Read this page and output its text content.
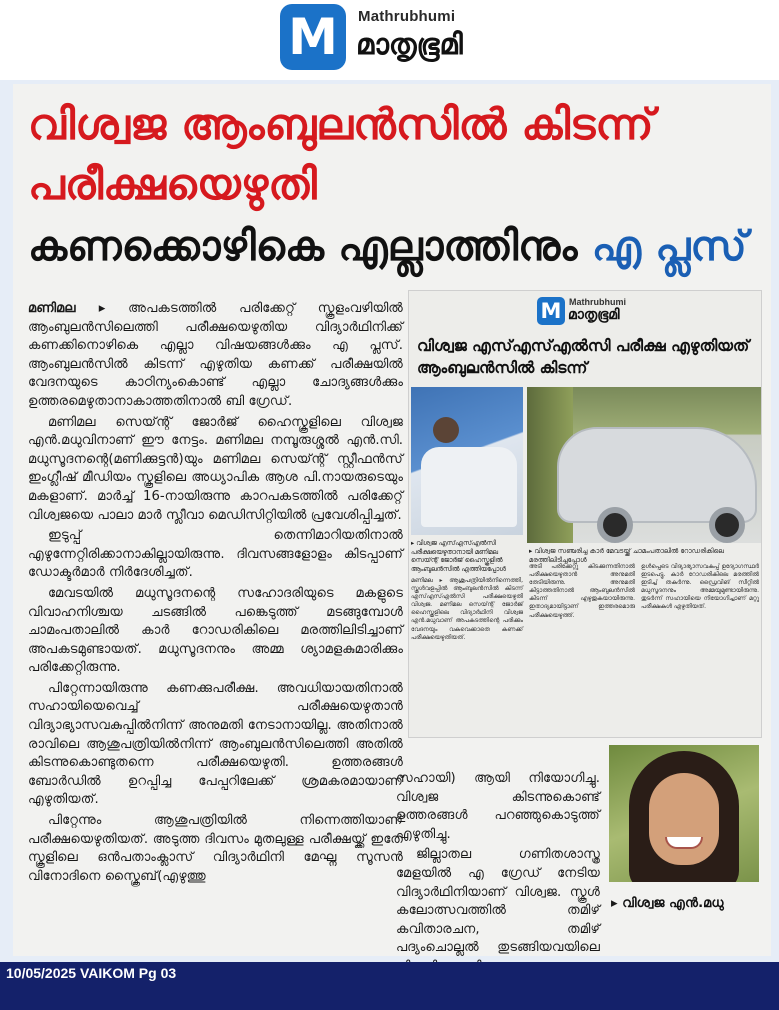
M	Mathrubhumi
മാതൃഭൂമി
വിശ്വജ ആംബുലൻസിൽ കിടന്ന്
പരീക്ഷയെഴുതി
കണക്കൊഴികെ എല്ലാത്തിനും എ പ്ലസ്

മണിമല ▸ അപകടത്തിൽ പരിക്കേറ്റ് സ്കൂളംവഴിയിൽ ആംബുലൻസിലെത്തി പരീക്ഷയെഴുതിയ വിദ്യാർഥിനിക്ക് കണക്കിനൊഴികെ എല്ലാ വിഷയങ്ങൾക്കും എ പ്ലസ്. ആംബുലൻസിൽ കിടന്ന് എഴുതിയ കണക്ക് പരീക്ഷയിൽ വേദനയുടെ കാഠിന്യംകൊണ്ട് എല്ലാ ചോദ്യങ്ങൾക്കും ഉത്തരമെഴുതാനാകാത്തതിനാൽ ബി ഗ്രേഡ്.

മണിമല സെയ്ന്റ് ജോർജ് ഹൈസ്കൂളിലെ വിശ്വജ എൻ.മധുവിനാണ് ഈ നേട്ടം. മണിമല നമ്പൂരുശ്ശൽ എൻ.സി. മധുസൂദനന്റെ(മണിക്കുട്ടൻ)യും മണിമല സെയ്ന്റ് സ്റ്റീഫൻസ് ഇംഗ്ലീഷ് മീഡിയം സ്കൂളിലെ അധ്യാപിക ആശ പി.നായരുടെയും മകളാണ്. മാർച്ച് 16-നായിരുന്നു കാറപകടത്തിൽ പരിക്കേറ്റ് വിശ്വജയെ പാലാ മാർ സ്ലീവാ മെഡിസിറ്റിയിൽ പ്രവേശിപ്പിച്ചത്.

ഇടുപ്പ് തെന്നിമാറിയതിനാൽ എഴുന്നേറ്റിരിക്കാനാകില്ലായിരുന്നു. ദിവസങ്ങളോളം കിടപ്പാണ് ഡോക്ടർമാർ നിർദേശിച്ചത്.

മേവടയിൽ മധുസൂദനന്റെ സഹോദരിയുടെ മകളുടെ വിവാഹനിശ്ചയ ചടങ്ങിൽ പങ്കെടുത്ത് മടങ്ങുമ്പോൾ ചാമംപതാലിൽ കാർ റോഡരികിലെ മരത്തിലിടിച്ചാണ് അപകടമുണ്ടായത്. മധുസൂദനനും അമ്മ ശ്യാമളകുമാരിക്കും പരിക്കേറ്റിരുന്നു.

പിറ്റേന്നായിരുന്നു കണക്കുപരീക്ഷ. അവധിയായതിനാൽ സഹായിയെവെച്ച് പരീക്ഷയെഴുതാൻ വിദ്യാഭ്യാസവകുപ്പിൽനിന്ന് അനുമതി നേടാനായില്ല. അതിനാൽ രാവിലെ ആശുപത്രിയിൽനിന്ന് ആംബുലൻസിലെത്തി അതിൽ കിടന്നുകൊണ്ടുതന്നെ പരീക്ഷയെഴുതി. ഉത്തരങ്ങൾ ബോർഡിൽ ഉറപ്പിച്ച പേപ്പറിലേക്ക് ശ്രമകരമായാണ് എഴുതിയത്.

പിറ്റേന്നും ആശുപത്രിയിൽ നിന്നെത്തിയാണ് പരീക്ഷയെഴുതിയത്. അടുത്ത ദിവസം മുതലുള്ള പരീക്ഷയ്ക്ക് ഇതേ സ്കൂളിലെ ഒൻപതാംക്ലാസ് വിദ്യാർഥിനി മേഘ്ന സൂസൻ വിനോദിനെ സ്ക്രൈബ്(എഴുത്തു

സഹായി) ആയി നിയോഗിച്ചു. വിശ്വജ കിടന്നുകൊണ്ട് ഉത്തരങ്ങൾ പറഞ്ഞുകൊടുത്ത് എഴുതിച്ചു.

ജില്ലാതല ഗണിതശാസ്ത്ര മേളയിൽ എ ഗ്രേഡ് നേടിയ വിദ്യാർഥിനിയാണ് വിശ്വജ. സ്കൂൾ കലോത്സവത്തിൽ തമിഴ് കവിതാരചന, തമിഴ് പദ്യംചൊല്ലൽ തുടങ്ങിയവയിലെ

M Mathrubhumi
മാതൃഭൂമി
വിശ്വജ എസ്എസ്എൽസി പരീക്ഷ എഴുതിയത് ആംബുലൻസിൽ കിടന്ന്
▸ വിശ്വജ എസ്എസ്എൽസി പരീക്ഷയെഴുതാനായി മണിമല സെയ്ന്റ് ജോർജ് ഹൈസ്കൂളിൽ ആംബുലൻസിൽ എത്തിയപ്പോൾ
▸ വിശ്വജ സഞ്ചരിച്ച കാർ മേവടയ്ക്ക് ചാമംപതാലിൽ റോഡരികിലെ മരത്തിലിടിച്ചപ്പോൾ
മണിമല ▸ ആശുപത്രിയിൽനിന്നെത്തി, സ്കൂൾവളപ്പിൽ ആംബുലൻസിൽ കിടന്ന് എസ്എസ്എൽസി പരീക്ഷയെഴുതി വിശ്വജ. മണിമല സെയ്ന്റ് ജോർജ് ഹൈസ്കൂളിലെ വിദ്യാർഥിനി വിശ്വജ എൻ.മധുവാണ് അപകടത്തിന്റെ പരിക്കും വേദനയും വകവെക്കാതെ കണക്ക് പരീക്ഷയെഴുതിയത്.
അടി പരിക്കേറ്റു കിടക്കുന്നതിനാൽ പരീക്ഷയെഴുതാൻ അനുമതി തേടിയിരുന്നു. അനുമതി കിട്ടാത്തതിനാൽ ആംബുലൻസിൽ കിടന്ന് എഴുതുകയായിരുന്നു. ഇതാദ്യമായിട്ടാണ് ഇത്തരമൊരു പരീക്ഷയെഴുത്ത്.
ഉൾപ്പെടെ വിദ്യാഭ്യാസവകുപ്പ് ഉദ്യോഗസ്ഥർ ഇടപെട്ടു. കാർ റോഡരികിലെ മരത്തിൽ ഇടിച്ച് തകർന്നു. ഡ്രൈവിങ് സീറ്റിൽ മധുസൂദനനും അമ്മയുമുണ്ടായിരുന്നു. തുടർന്ന് സഹായിയെ നിയോഗിച്ചാണ് മറ്റു പരീക്ഷകൾ എഴുതിയത്.
▸ വിശ്വജ എൻ.മധു
10/05/2025 VAIKOM Pg 03
